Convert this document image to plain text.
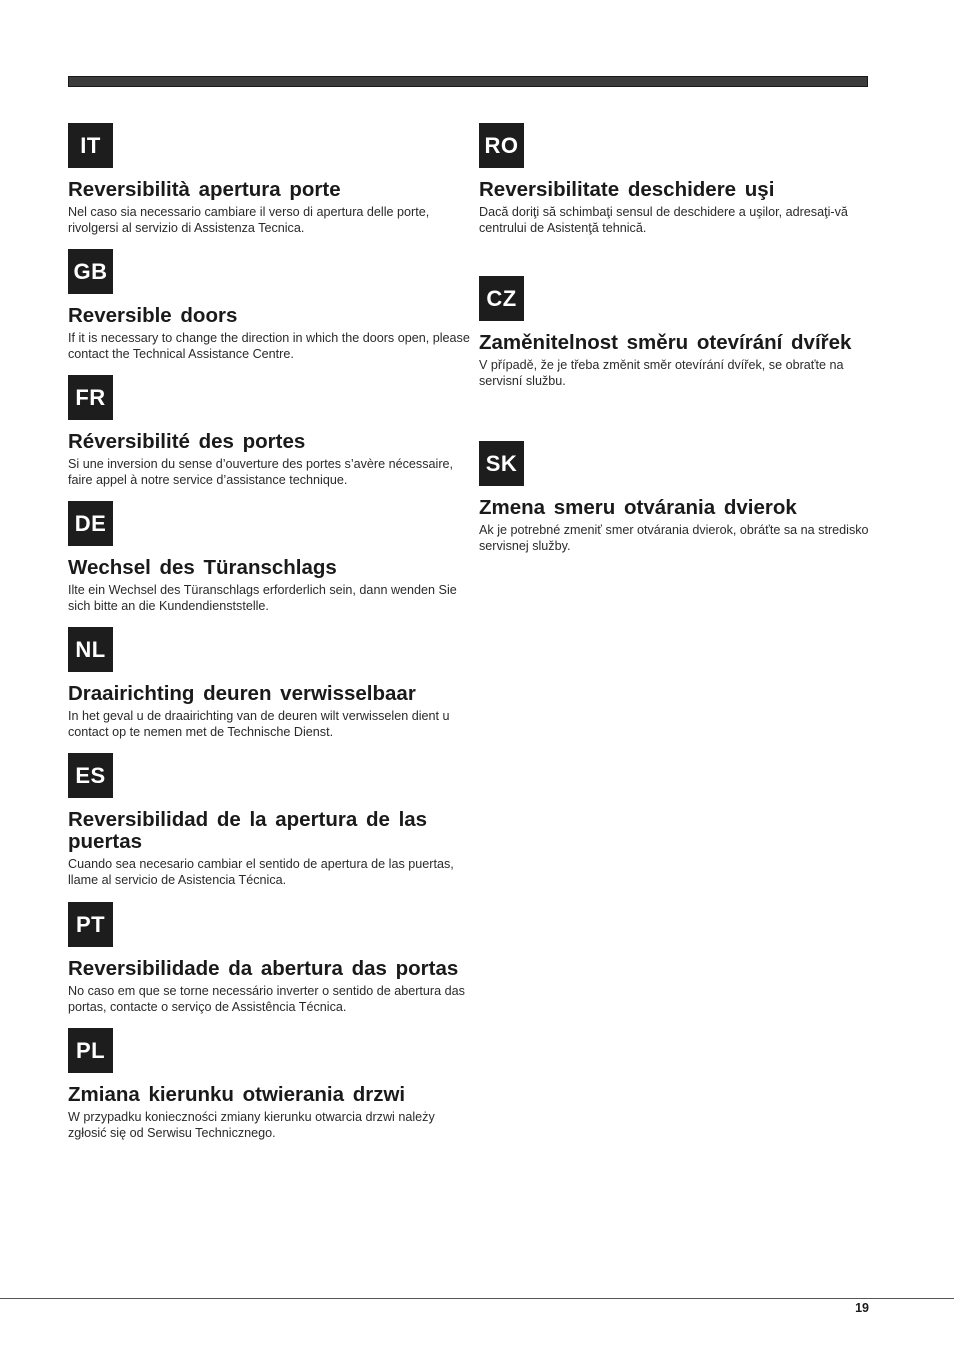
IT
Reversibilità apertura porte
Nel caso sia necessario cambiare il verso di apertura delle porte, rivolgersi al servizio di Assistenza Tecnica.
GB
Reversible doors
If it is necessary to change the direction in which the doors open, please contact the Technical Assistance Centre.
FR
Réversibilité des portes
Si une inversion du sense d’ouverture des portes s’avère nécessaire, faire appel à notre service d’assistance technique.
DE
Wechsel des Türanschlags
Ilte ein Wechsel des Türanschlags erforderlich sein, dann wenden Sie sich bitte an die Kundendienststelle.
NL
Draairichting deuren verwisselbaar
In het geval u de draairichting van de deuren wilt verwisselen dient u contact op te nemen met de Technische Dienst.
ES
Reversibilidad de la apertura de las puertas
Cuando sea necesario cambiar el sentido de apertura de las puertas, llame al servicio de Asistencia Técnica.
PT
Reversibilidade da abertura das portas
No caso em que se torne necessário inverter o sentido de abertura das portas, contacte o serviço de Assistência Técnica.
PL
Zmiana kierunku otwierania drzwi
W przypadku konieczności zmiany kierunku otwarcia drzwi należy zgłosić się od Serwisu Technicznego.
RO
Reversibilitate deschidere uşi
Dacă doriţi să schimbaţi sensul de deschidere a uşilor, adresaţi-vă centrului de Asistenţă tehnică.
CZ
Zaměnitelnost směru otevírání dvířek
V případě, že je třeba změnit směr otevírání dvířek, se obraťte na servisní službu.
SK
Zmena smeru otvárania dvierok
Ak je potrebné zmeniť smer otvárania dvierok, obráťte sa na stredisko servisnej služby.
19
